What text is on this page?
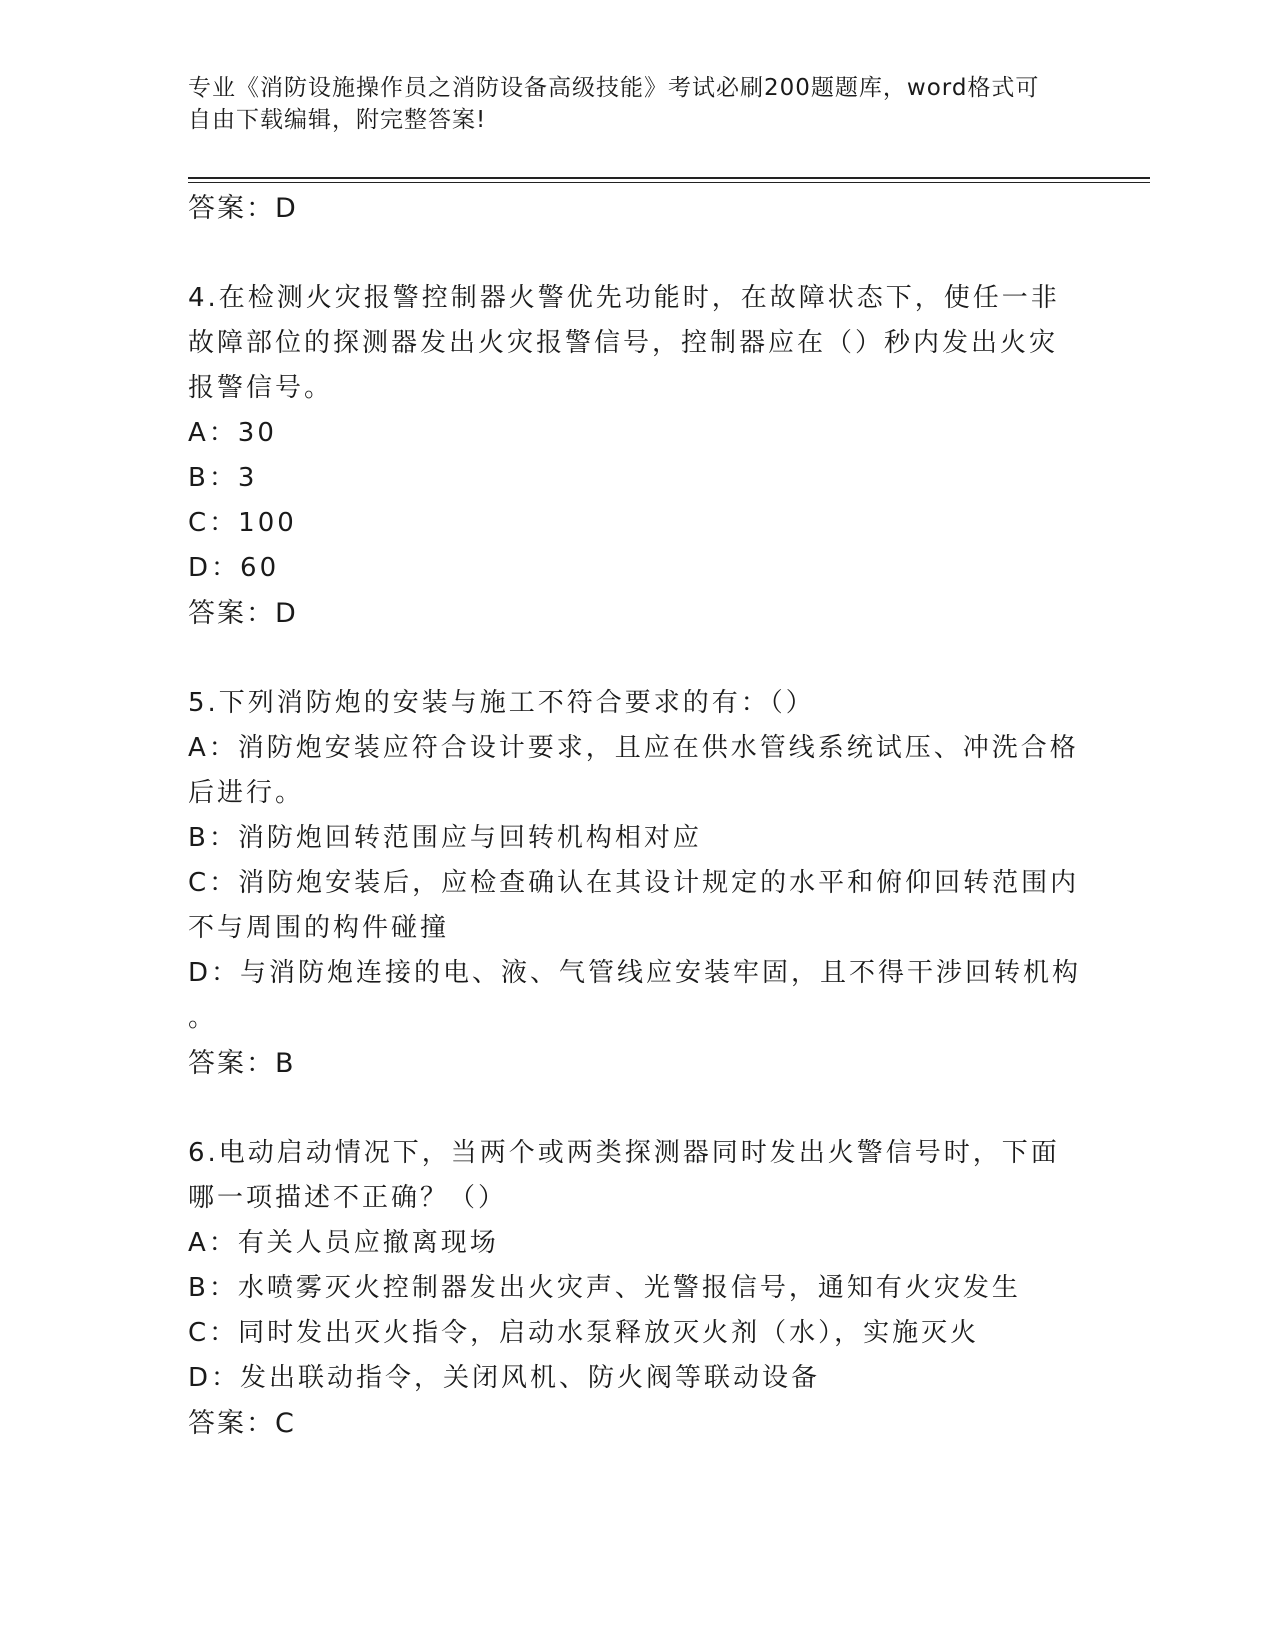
专业《消防设施操作员之消防设备高级技能》考试必刷200题题库，word格式可
自由下载编辑，附完整答案!
答案：D
4.在检测火灾报警控制器火警优先功能时，在故障状态下，使任一非
故障部位的探测器发出火灾报警信号，控制器应在（）秒内发出火灾
报警信号。
A：30
B：3
C：100
D：60
答案：D
5.下列消防炮的安装与施工不符合要求的有：（）
A：消防炮安装应符合设计要求，且应在供水管线系统试压、冲洗合格
后进行。
B：消防炮回转范围应与回转机构相对应
C：消防炮安装后，应检查确认在其设计规定的水平和俯仰回转范围内
不与周围的构件碰撞
D：与消防炮连接的电、液、气管线应安装牢固，且不得干涉回转机构
。
答案：B
6.电动启动情况下，当两个或两类探测器同时发出火警信号时，下面
哪一项描述不正确？（）
A：有关人员应撤离现场
B：水喷雾灭火控制器发出火灾声、光警报信号，通知有火灾发生
C：同时发出灭火指令，启动水泵释放灭火剂（水），实施灭火
D：发出联动指令，关闭风机、防火阀等联动设备
答案：C
